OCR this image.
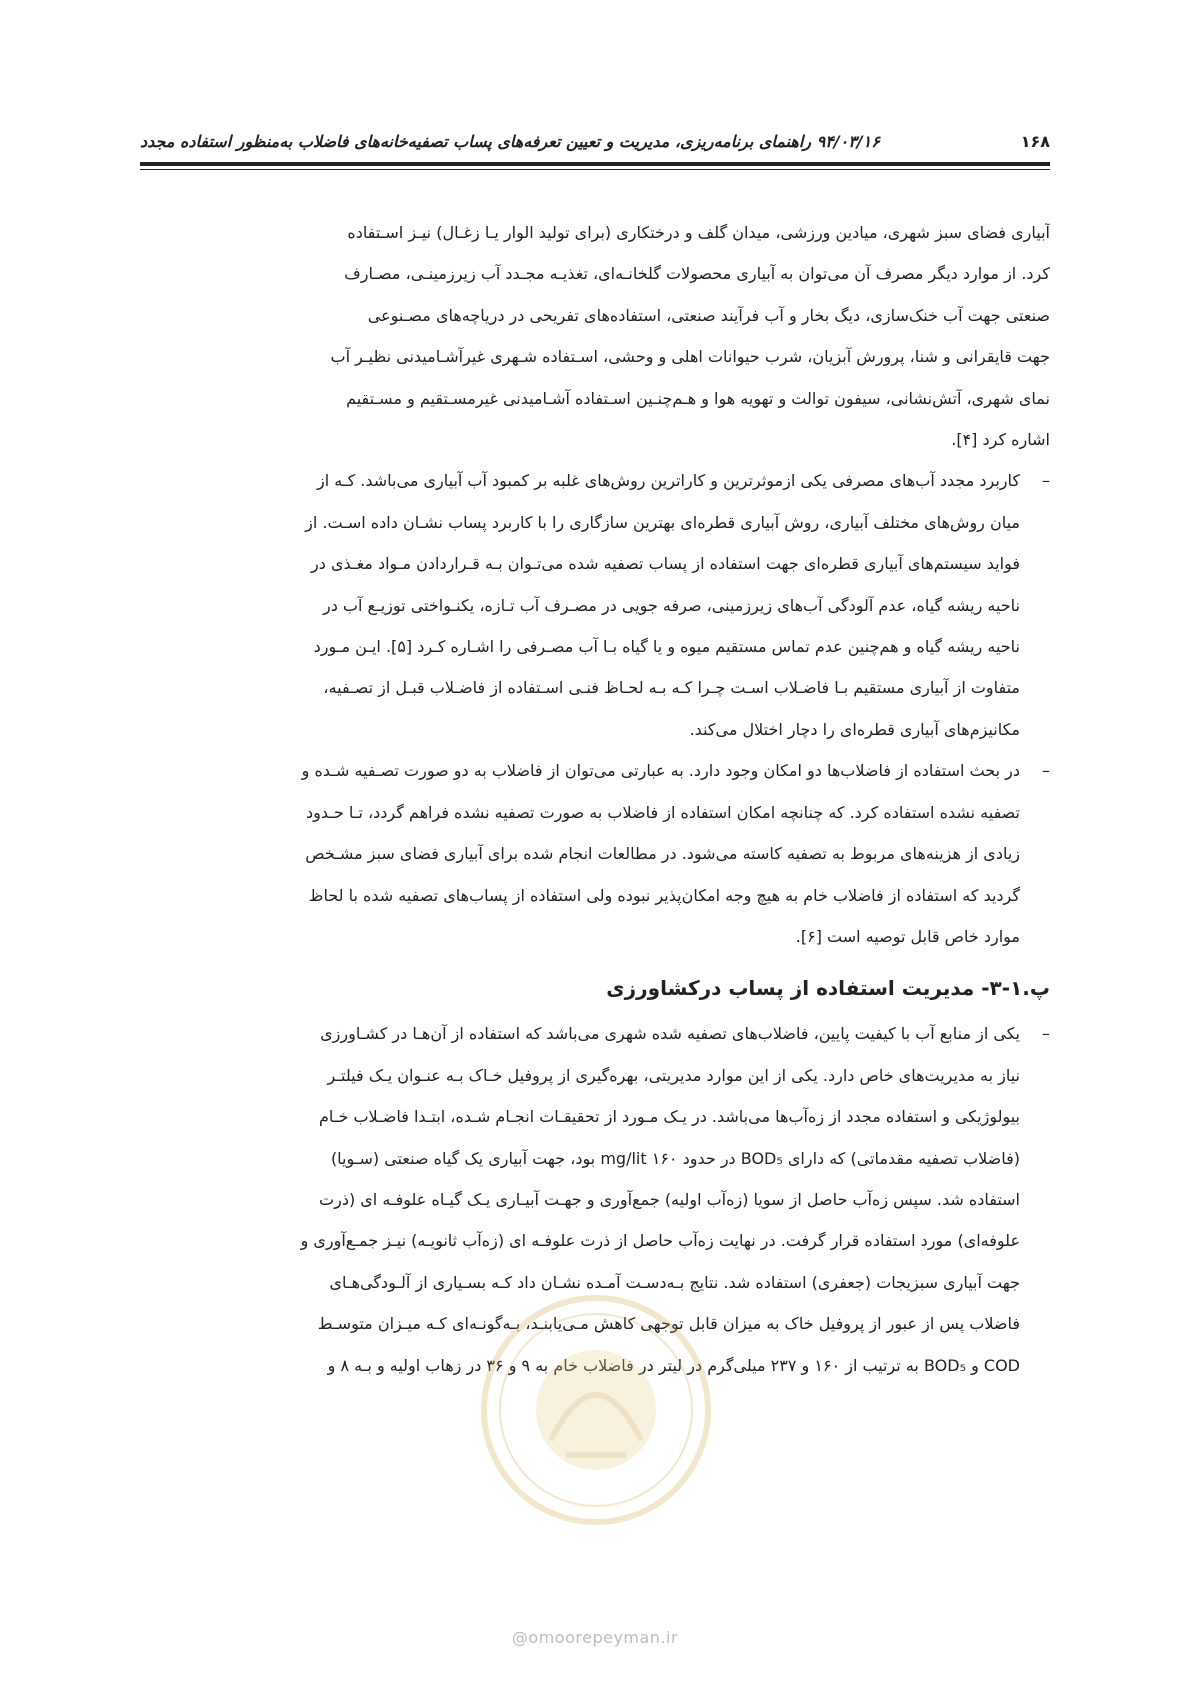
۱۶۸
۹۴/۰۳/۱۶ راهنمای برنامه‌ریزی، مدیریت و تعیین تعرفه‌های پساب تصفیه‌خانه‌های فاضلاب به‌منظور استفاده مجدد
آبیاری فضای سبز شهری، میادین ورزشی، میدان گلف و درختکاری (برای تولید الوار یـا زغـال) نیـز اسـتفاده
کرد. از موارد دیگر مصرف آن می‌توان به آبیاری محصولات گلخانـه‌ای، تغذیـه مجـدد آب زیرزمینـی، مصـارف
صنعتی جهت آب خنک‌سازی، دیگ بخار و آب فرآیند صنعتی، استفاده‌های تفریحی در دریاچه‌های مصـنوعی
جهت قایقرانی و شنا، پرورش آبزیان، شرب حیوانات اهلی و وحشی، اسـتفاده شـهری غیرآشـامیدنی نظیـر آب
نمای شهری، آتش‌نشانی، سیفون توالت و تهویه هوا و هـم‌چنـین اسـتفاده آشـامیدنی غیرمسـتقیم و مسـتقیم
اشاره کرد [۴].
–
کاربرد مجدد آب‌های مصرفی یکی ازموثرترین و کاراترین روش‌های غلبه بر کمبود آب آبیاری می‌باشد. کـه از
میان روش‌های مختلف آبیاری، روش آبیاری قطره‌ای بهترین سازگاری را با کاربرد پساب نشـان داده اسـت. از
فواید سیستم‌های آبیاری قطره‌ای جهت استفاده از پساب تصفیه شده می‌تـوان بـه قـراردادن مـواد مغـذی در
ناحیه ریشه گیاه، عدم آلودگی آب‌های زیرزمینی، صرفه جویی در مصـرف آب تـازه، یکنـواختی توزیـع آب در
ناحیه ریشه گیاه و هم‌چنین عدم تماس مستقیم میوه و یا گیاه بـا آب مصـرفی را اشـاره کـرد [۵]. ایـن مـورد
متفاوت از آبیاری مستقیم بـا فاضـلاب اسـت چـرا کـه بـه لحـاظ فنـی اسـتفاده از فاضـلاب قبـل از تصـفیه،
مکانیزم‌های آبیاری قطره‌ای را دچار اختلال می‌کند.
–
در بحث استفاده از فاضلاب‌ها دو امکان وجود دارد. به عبارتی می‌توان از فاضلاب به دو صورت تصـفیه شـده و
تصفیه نشده استفاده کرد. که چنانچه امکان استفاده از فاضلاب به صورت تصفیه نشده فراهم گردد، تـا حـدود
زیادی از هزینه‌های مربوط به تصفیه کاسته می‌شود. در مطالعات انجام شده برای آبیاری فضای سبز مشـخص
گردید که استفاده از فاضلاب خام به هیچ وجه امکان‌پذیر نبوده ولی استفاده از پساب‌های تصفیه شده با لحاظ
موارد خاص قابل توصیه است [۶].
پ.۱-۳- مدیریت استفاده از پساب درکشاورزی
–
یکی از منابع آب با کیفیت پایین، فاضلاب‌های تصفیه شده شهری می‌باشد که استفاده از آن‌هـا در کشـاورزی
نیاز به مدیریت‌های خاص دارد. یکی از این موارد مدیریتی، بهره‌گیری از پروفیل خـاک بـه عنـوان یـک فیلتـر
بیولوژیکی و استفاده مجدد از زه‌آب‌ها می‌باشد. در یـک مـورد از تحقیقـات انجـام شـده، ابتـدا فاضـلاب خـام
(فاضلاب تصفیه مقدماتی) که دارای BOD₅ در حدود ۱۶۰ mg/lit بود، جهت آبیاری یک گیاه صنعتی (سـویا)
استفاده شد. سپس زه‌آب حاصل از سویا (زه‌آب اولیه) جمع‌آوری و جهـت آبیـاری یـک گیـاه علوفـه ای (ذرت
علوفه‌ای) مورد استفاده قرار گرفت. در نهایت زه‌آب حاصل از ذرت علوفـه ای (زه‌آب ثانویـه) نیـز جمـع‌آوری و
جهت آبیاری سبزیجات (جعفری) استفاده شد. نتایج بـه‌دسـت آمـده نشـان داد کـه بسـیاری از آلـودگی‌هـای
فاضلاب پس از عبور از پروفیل خاک به میزان قابل توجهی کاهش مـی‌یابنـد، بـه‌گونـه‌ای کـه میـزان متوسـط
COD و BOD₅ به ترتیب از ۱۶۰ و ۲۳۷ میلی‌گرم در لیتر در فاضلاب خام به ۹ و ۳۶ در زهاب اولیه و بـه ۸ و
@omoorepeyman.ir
